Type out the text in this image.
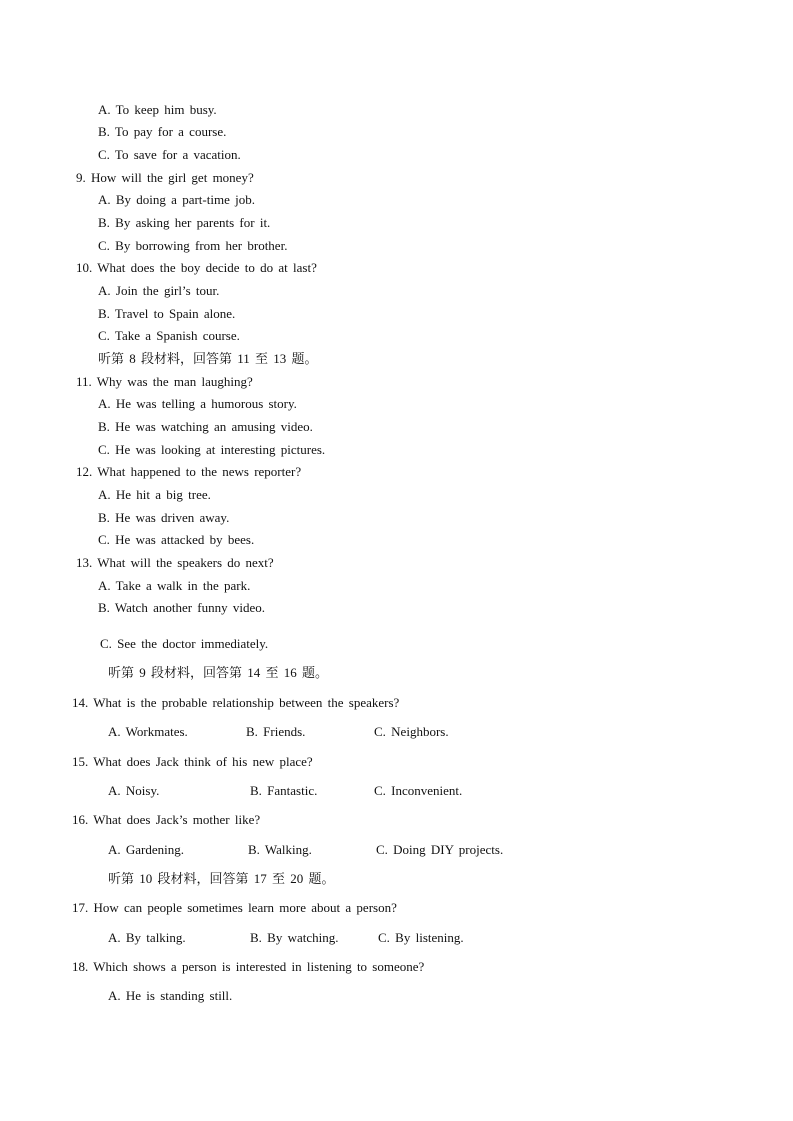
A. To keep him busy.
B. To pay for a course.
C. To save for a vacation.
9. How will the girl get money?
A. By doing a part-time job.
B. By asking her parents for it.
C. By borrowing from her brother.
10. What does the boy decide to do at last?
A. Join the girl’s tour.
B. Travel to Spain alone.
C. Take a Spanish course.
听第 8 段材料，回答第 11 至 13 题。
11. Why was the man laughing?
A. He was telling a humorous story.
B. He was watching an amusing video.
C. He was looking at interesting pictures.
12. What happened to the news reporter?
A. He hit a big tree.
B. He was driven away.
C. He was attacked by bees.
13. What will the speakers do next?
A. Take a walk in the park.
B. Watch another funny video.
C. See the doctor immediately.
听第 9 段材料，回答第 14 至 16 题。
14. What is the probable relationship between the speakers?
A. Workmates.	B. Friends.	C. Neighbors.
15. What does Jack think of his new place?
A. Noisy.	B. Fantastic.	C. Inconvenient.
16. What does Jack’s mother like?
A. Gardening.	B. Walking.	C. Doing DIY projects.
听第 10 段材料，回答第 17 至 20 题。
17. How can people sometimes learn more about a person?
A. By talking.	B. By watching.	C. By listening.
18. Which shows a person is interested in listening to someone?
A. He is standing still.
